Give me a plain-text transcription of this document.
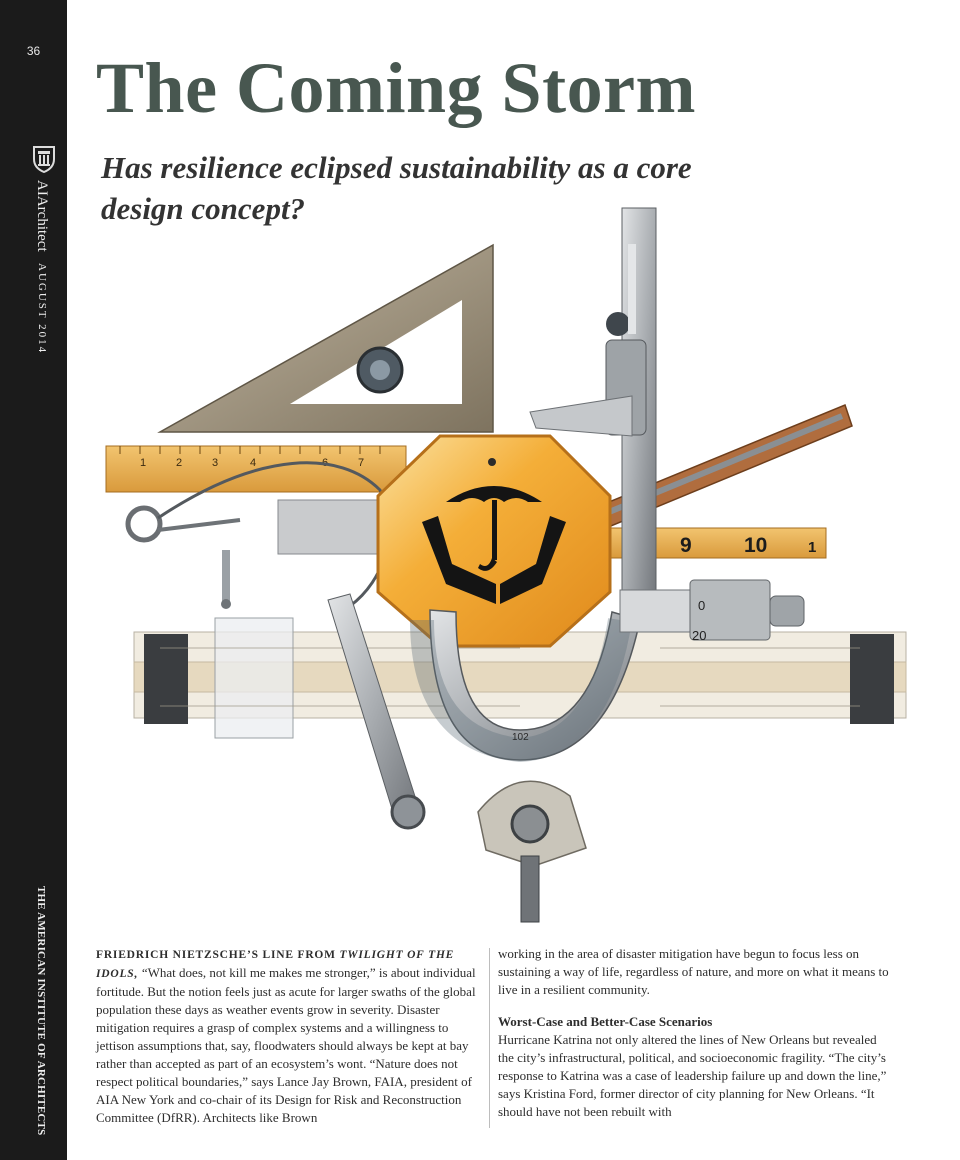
36
AIArchitect AUGUST 2014
THE AMERICAN INSTITUTE OF ARCHITECTS
The Coming Storm
Has resilience eclipsed sustainability as a core design concept?
1	2	3	4	6	7
9 10	1
0
20
102

FRIEDRICH NIETZSCHE’S LINE FROM TWILIGHT OF THE IDOLS, “What does, not kill me makes me stronger,” is about individual fortitude. But the notion feels just as acute for larger swaths of the global population these days as weather events grow in severity. Disaster mitigation requires a grasp of complex systems and a willingness to jettison assumptions that, say, floodwaters should always be kept at bay rather than accepted as part of an ecosystem’s wont. “Nature does not respect political boundaries,” says Lance Jay Brown, FAIA, president of AIA New York and co-chair of its Design for Risk and Reconstruction Committee (DfRR). Architects like Brown

working in the area of disaster mitigation have begun to focus less on sustaining a way of life, regardless of nature, and more on what it means to live in a resilient community.

Worst-Case and Better-Case Scenarios

Hurricane Katrina not only altered the lines of New Orleans but revealed the city’s infrastructural, political, and socioeconomic fragility. “The city’s response to Katrina was a case of leadership failure up and down the line,” says Kristina Ford, former director of city planning for New Orleans. “It should have not been rebuilt with
